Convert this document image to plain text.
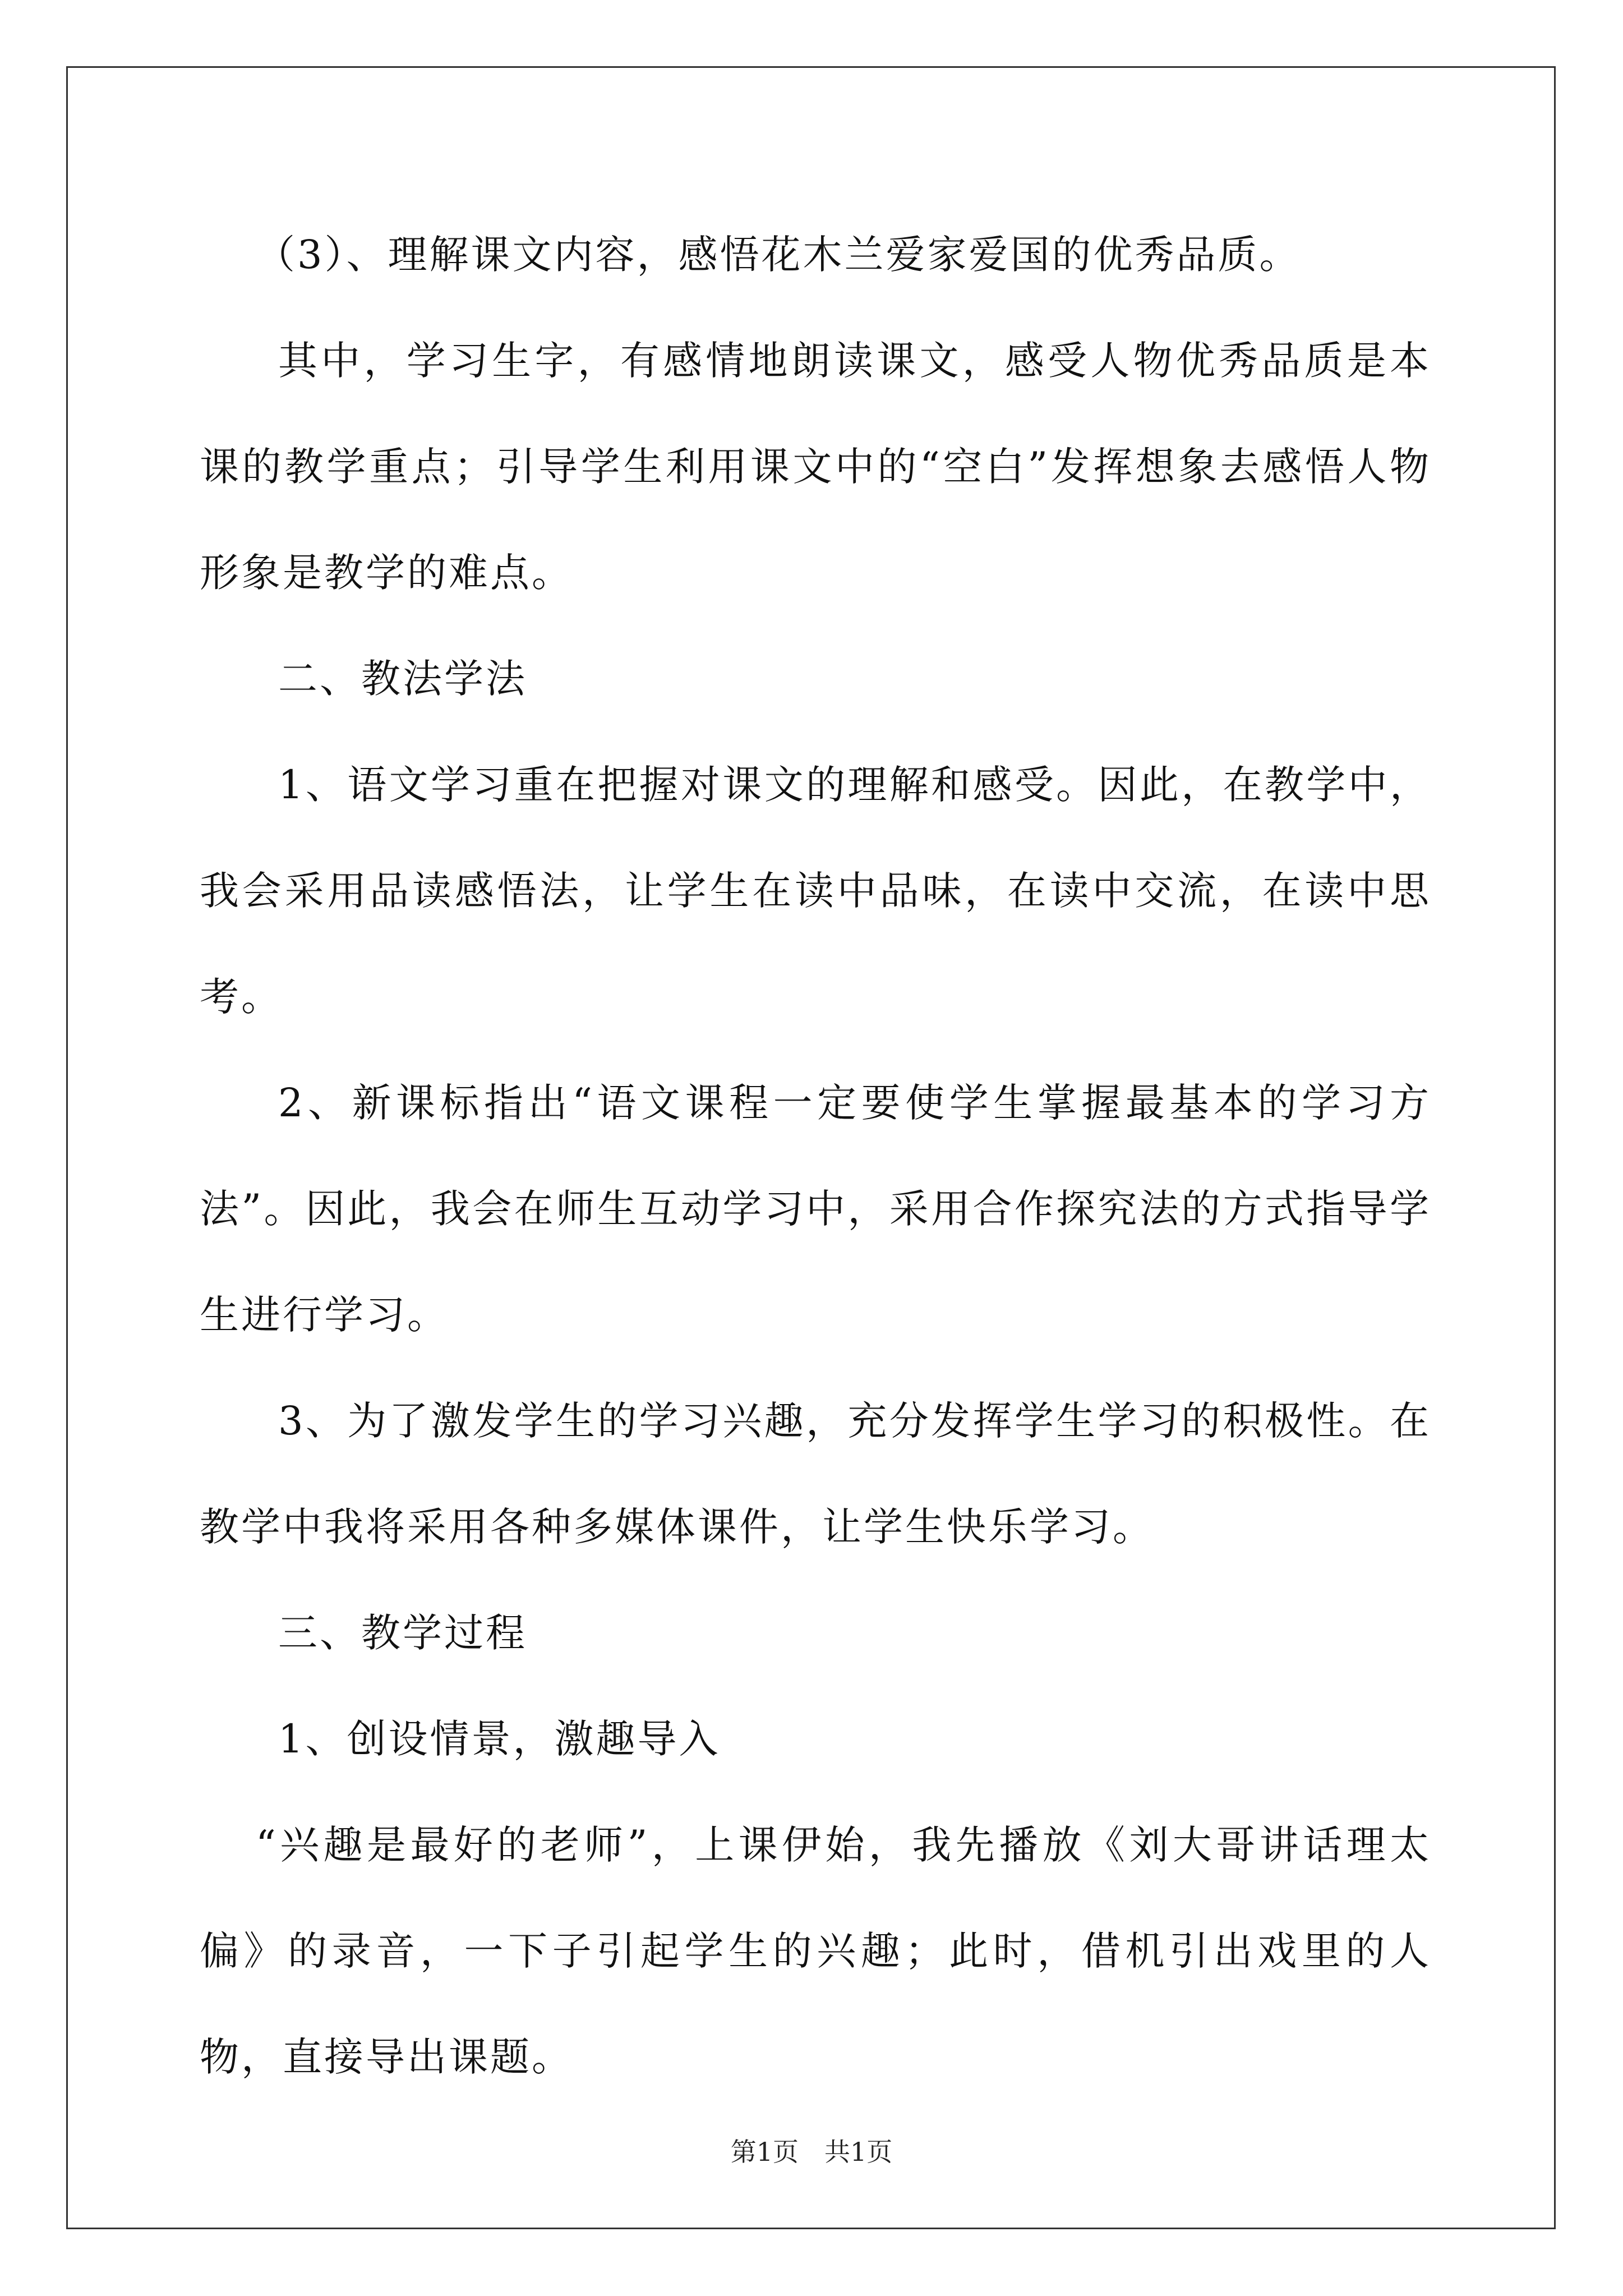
（3）、理解课文内容，感悟花木兰爱家爱国的优秀品质。

其中，学习生字，有感情地朗读课文，感受人物优秀品质是本课的教学重点；引导学生利用课文中的“空白”发挥想象去感悟人物形象是教学的难点。

二、教法学法

1、语文学习重在把握对课文的理解和感受。因此，在教学中，我会采用品读感悟法，让学生在读中品味，在读中交流，在读中思考。

2、新课标指出“语文课程一定要使学生掌握最基本的学习方法”。因此，我会在师生互动学习中，采用合作探究法的方式指导学生进行学习。

3、为了激发学生的学习兴趣，充分发挥学生学习的积极性。在教学中我将采用各种多媒体课件，让学生快乐学习。

三、教学过程

1、创设情景，激趣导入

“兴趣是最好的老师”，上课伊始，我先播放《刘大哥讲话理太偏》的录音，一下子引起学生的兴趣；此时，借机引出戏里的人物，直接导出课题。

第1页　共1页
